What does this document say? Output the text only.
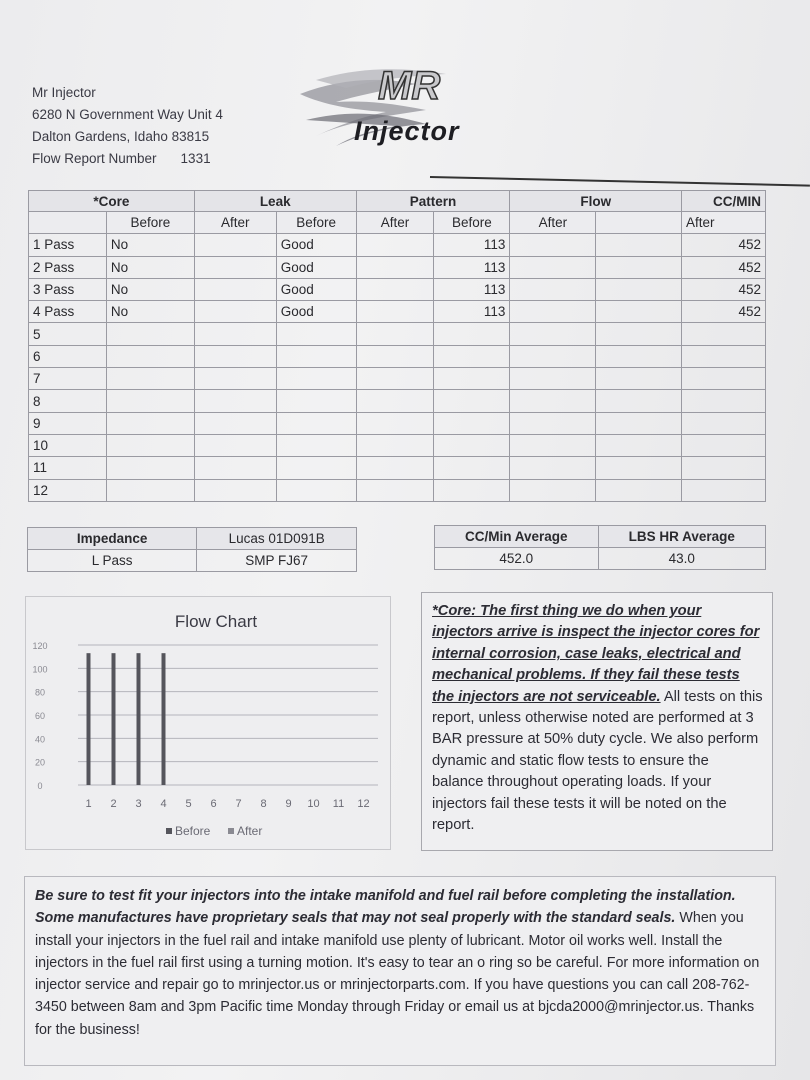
Mr Injector
6280 N Government Way Unit 4
Dalton Gardens, Idaho 83815
Flow Report Number 1331
MR
Injector
*Core		Leak		Pattern		Flow		CC/MIN
	Before	After	Before	After	Before	After		After
1 Pass	No		Good		113			452
2 Pass	No		Good		113			452
3 Pass	No		Good		113			452
4 Pass	No		Good		113			452
5								
6								
7								
8								
9								
10								
11								
12								
Impedance	Lucas 01D091B
L Pass	SMP FJ67
CC/Min Average	LBS HR Average
452.0	43.0
Flow Chart
0
20
40
60
80
100
120
1 2 3 4 5 6 7 8 9 10 11 12
Before After
*Core: The first thing we do when your injectors arrive is inspect the injector cores for internal corrosion, case leaks, electrical and mechanical problems. If they fail these tests the injectors are not serviceable. All tests on this report, unless otherwise noted are performed at 3 BAR pressure at 50% duty cycle. We also perform dynamic and static flow tests to ensure the balance throughout operating loads. If your injectors fail these tests it will be noted on the report.
Be sure to test fit your injectors into the intake manifold and fuel rail before completing the installation. Some manufactures have proprietary seals that may not seal properly with the standard seals. When you install your injectors in the fuel rail and intake manifold use plenty of lubricant. Motor oil works well. Install the injectors in the fuel rail first using a turning motion. It's easy to tear an o ring so be careful. For more information on injector service and repair go to mrinjector.us or mrinjectorparts.com. If you have questions you can call 208-762-3450 between 8am and 3pm Pacific time Monday through Friday or email us at bjcda2000@mrinjector.us. Thanks for the business!
